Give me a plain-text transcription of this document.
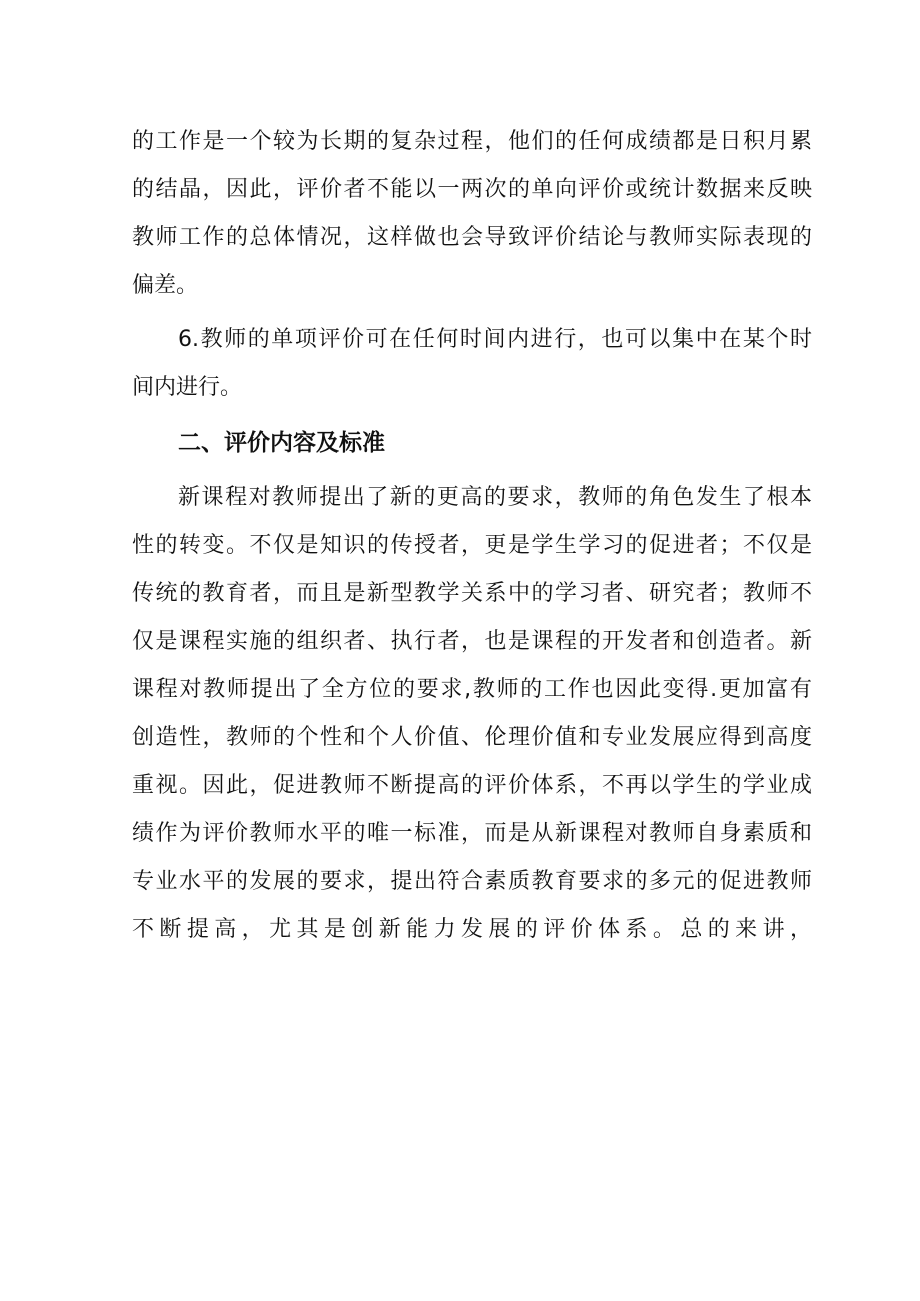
的工作是一个较为长期的复杂过程，他们的任何成绩都是日积月累
的结晶，因此，评价者不能以一两次的单向评价或统计数据来反映
教师工作的总体情况，这样做也会导致评价结论与教师实际表现的
偏差。
6.教师的单项评价可在任何时间内进行，也可以集中在某个时
间内进行。
二、评价内容及标准
新课程对教师提出了新的更高的要求，教师的角色发生了根本
性的转变。不仅是知识的传授者，更是学生学习的促进者；不仅是
传统的教育者，而且是新型教学关系中的学习者、研究者；教师不
仅是课程实施的组织者、执行者，也是课程的开发者和创造者。新
课程对教师提出了全方位的要求,教师的工作也因此变得.更加富有
创造性，教师的个性和个人价值、伦理价值和专业发展应得到高度
重视。因此，促进教师不断提高的评价体系，不再以学生的学业成
绩作为评价教师水平的唯一标准，而是从新课程对教师自身素质和
专业水平的发展的要求，提出符合素质教育要求的多元的促进教师
不断提高，尤其是创新能力发展的评价体系。总的来讲，
